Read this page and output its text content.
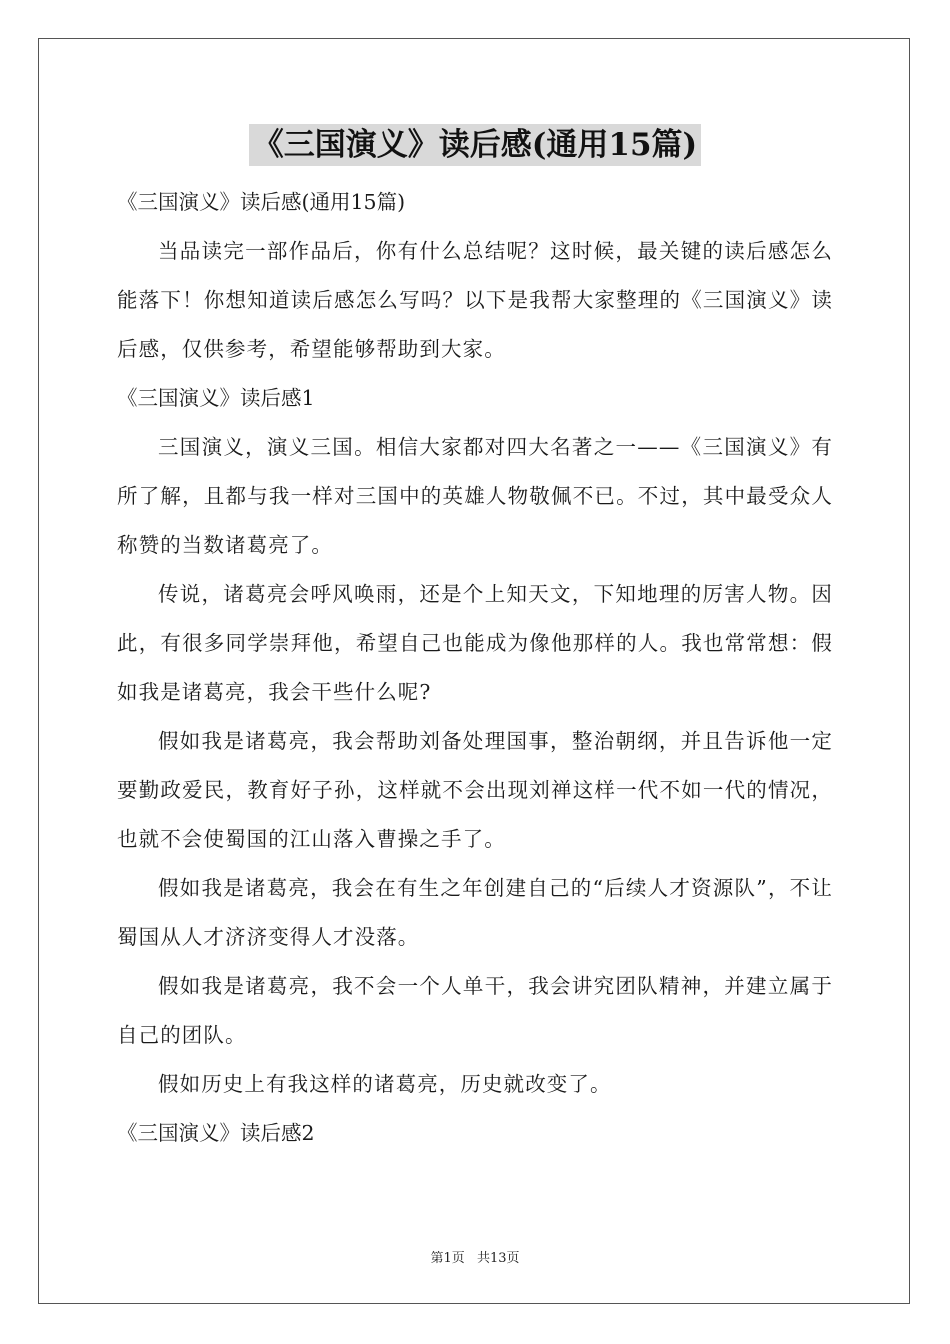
《三国演义》读后感(通用15篇)

《三国演义》读后感(通用15篇)

当品读完一部作品后，你有什么总结呢？这时候，最关键的读后感怎么能落下！你想知道读后感怎么写吗？以下是我帮大家整理的《三国演义》读后感，仅供参考，希望能够帮助到大家。

《三国演义》读后感1

三国演义，演义三国。相信大家都对四大名著之一——《三国演义》有所了解，且都与我一样对三国中的英雄人物敬佩不已。不过，其中最受众人称赞的当数诸葛亮了。

传说，诸葛亮会呼风唤雨，还是个上知天文，下知地理的厉害人物。因此，有很多同学崇拜他，希望自己也能成为像他那样的人。我也常常想：假如我是诸葛亮，我会干些什么呢?

假如我是诸葛亮，我会帮助刘备处理国事，整治朝纲，并且告诉他一定要勤政爱民，教育好子孙，这样就不会出现刘禅这样一代不如一代的情况，也就不会使蜀国的江山落入曹操之手了。

假如我是诸葛亮，我会在有生之年创建自己的“后续人才资源队”，不让蜀国从人才济济变得人才没落。

假如我是诸葛亮，我不会一个人单干，我会讲究团队精神，并建立属于自己的团队。

假如历史上有我这样的诸葛亮，历史就改变了。

《三国演义》读后感2

第1页 共13页
